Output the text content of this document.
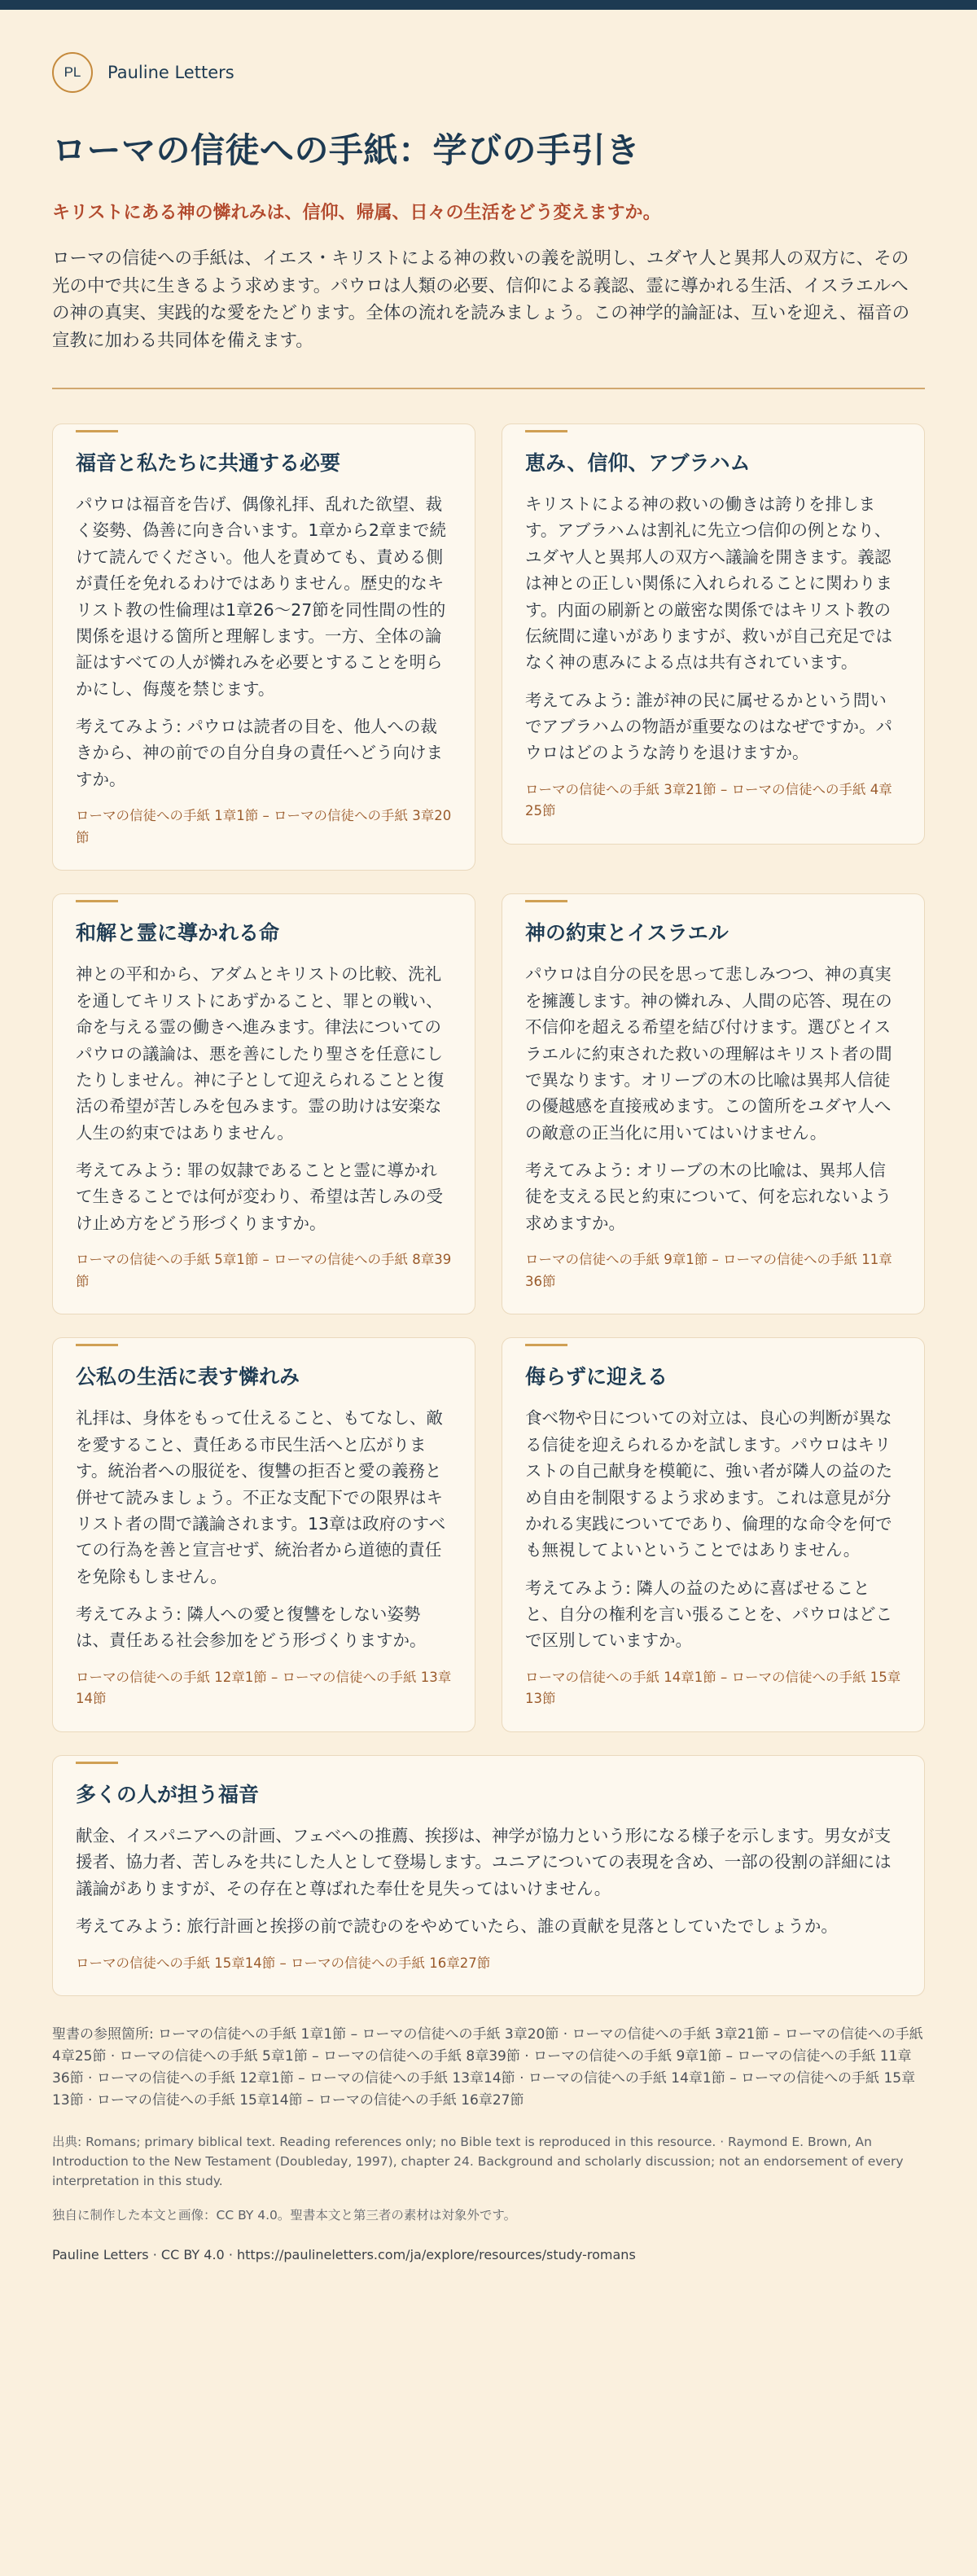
PL	Pauline Letters
ローマの信徒への手紙：学びの手引き

キリストにある神の憐れみは、信仰、帰属、日々の生活をどう変えますか。

ローマの信徒への手紙は、イエス・キリストによる神の救いの義を説明し、ユダヤ人と異邦人の双方に、その光の中で共に生きるよう求めます。パウロは人類の必要、信仰による義認、霊に導かれる生活、イスラエルへの神の真実、実践的な愛をたどります。全体の流れを読みましょう。この神学的論証は、互いを迎え、福音の宣教に加わる共同体を備えます。

福音と私たちに共通する必要

パウロは福音を告げ、偶像礼拝、乱れた欲望、裁く姿勢、偽善に向き合います。1章から2章まで続けて読んでください。他人を責めても、責める側が責任を免れるわけではありません。歴史的なキリスト教の性倫理は1章26〜27節を同性間の性的関係を退ける箇所と理解します。一方、全体の論証はすべての人が憐れみを必要とすることを明らかにし、侮蔑を禁じます。

考えてみよう: パウロは読者の目を、他人への裁きから、神の前での自分自身の責任へどう向けますか。

ローマの信徒への手紙 1章1節 – ローマの信徒への手紙 3章20節

恵み、信仰、アブラハム

キリストによる神の救いの働きは誇りを排します。アブラハムは割礼に先立つ信仰の例となり、ユダヤ人と異邦人の双方へ議論を開きます。義認は神との正しい関係に入れられることに関わります。内面の刷新との厳密な関係ではキリスト教の伝統間に違いがありますが、救いが自己充足ではなく神の恵みによる点は共有されています。

考えてみよう: 誰が神の民に属せるかという問いでアブラハムの物語が重要なのはなぜですか。パウロはどのような誇りを退けますか。

ローマの信徒への手紙 3章21節 – ローマの信徒への手紙 4章25節

和解と霊に導かれる命

神との平和から、アダムとキリストの比較、洗礼を通してキリストにあずかること、罪との戦い、命を与える霊の働きへ進みます。律法についてのパウロの議論は、悪を善にしたり聖さを任意にしたりしません。神に子として迎えられることと復活の希望が苦しみを包みます。霊の助けは安楽な人生の約束ではありません。

考えてみよう: 罪の奴隷であることと霊に導かれて生きることでは何が変わり、希望は苦しみの受け止め方をどう形づくりますか。

ローマの信徒への手紙 5章1節 – ローマの信徒への手紙 8章39節

神の約束とイスラエル

パウロは自分の民を思って悲しみつつ、神の真実を擁護します。神の憐れみ、人間の応答、現在の不信仰を超える希望を結び付けます。選びとイスラエルに約束された救いの理解はキリスト者の間で異なります。オリーブの木の比喩は異邦人信徒の優越感を直接戒めます。この箇所をユダヤ人への敵意の正当化に用いてはいけません。

考えてみよう: オリーブの木の比喩は、異邦人信徒を支える民と約束について、何を忘れないよう求めますか。

ローマの信徒への手紙 9章1節 – ローマの信徒への手紙 11章36節

公私の生活に表す憐れみ

礼拝は、身体をもって仕えること、もてなし、敵を愛すること、責任ある市民生活へと広がります。統治者への服従を、復讐の拒否と愛の義務と併せて読みましょう。不正な支配下での限界はキリスト者の間で議論されます。13章は政府のすべての行為を善と宣言せず、統治者から道徳的責任を免除もしません。

考えてみよう: 隣人への愛と復讐をしない姿勢は、責任ある社会参加をどう形づくりますか。

ローマの信徒への手紙 12章1節 – ローマの信徒への手紙 13章14節

侮らずに迎える

食べ物や日についての対立は、良心の判断が異なる信徒を迎えられるかを試します。パウロはキリストの自己献身を模範に、強い者が隣人の益のため自由を制限するよう求めます。これは意見が分かれる実践についてであり、倫理的な命令を何でも無視してよいということではありません。

考えてみよう: 隣人の益のために喜ばせることと、自分の権利を言い張ることを、パウロはどこで区別していますか。

ローマの信徒への手紙 14章1節 – ローマの信徒への手紙 15章13節

多くの人が担う福音

献金、イスパニアへの計画、フェベへの推薦、挨拶は、神学が協力という形になる様子を示します。男女が支援者、協力者、苦しみを共にした人として登場します。ユニアについての表現を含め、一部の役割の詳細には議論がありますが、その存在と尊ばれた奉仕を見失ってはいけません。

考えてみよう: 旅行計画と挨拶の前で読むのをやめていたら、誰の貢献を見落としていたでしょうか。

ローマの信徒への手紙 15章14節 – ローマの信徒への手紙 16章27節

聖書の参照箇所: ローマの信徒への手紙 1章1節 – ローマの信徒への手紙 3章20節 · ローマの信徒への手紙 3章21節 – ローマの信徒への手紙 4章25節 · ローマの信徒への手紙 5章1節 – ローマの信徒への手紙 8章39節 · ローマの信徒への手紙 9章1節 – ローマの信徒への手紙 11章36節 · ローマの信徒への手紙 12章1節 – ローマの信徒への手紙 13章14節 · ローマの信徒への手紙 14章1節 – ローマの信徒への手紙 15章13節 · ローマの信徒への手紙 15章14節 – ローマの信徒への手紙 16章27節

出典: Romans; primary biblical text. Reading references only; no Bible text is reproduced in this resource. · Raymond E. Brown, An Introduction to the New Testament (Doubleday, 1997), chapter 24. Background and scholarly discussion; not an endorsement of every interpretation in this study.

独自に制作した本文と画像：CC BY 4.0。聖書本文と第三者の素材は対象外です。

Pauline Letters · CC BY 4.0 · https://paulineletters.com/ja/explore/resources/study-romans
